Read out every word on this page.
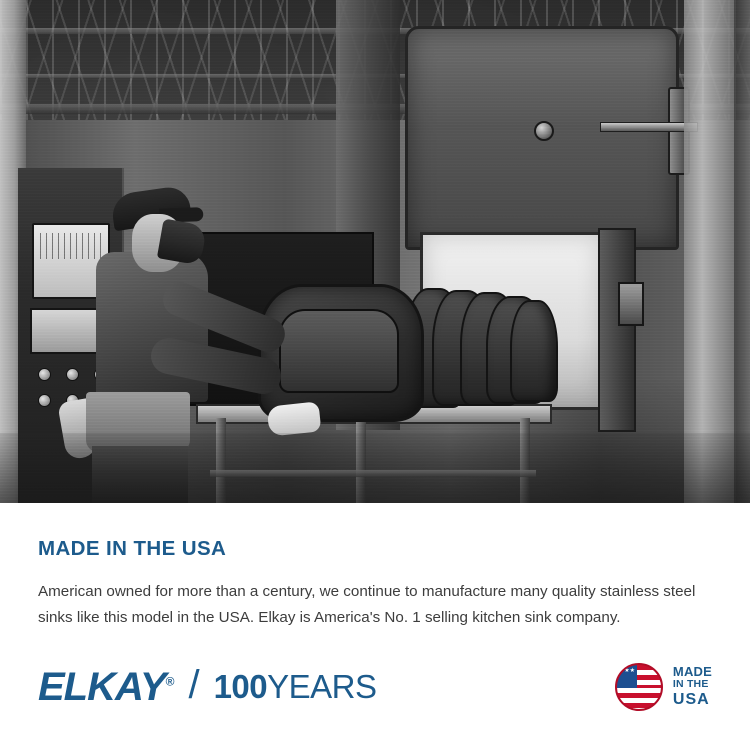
MADE IN THE USA

American owned for more than a century, we continue to manufacture many quality stainless steel sinks like this model in the USA. Elkay is America's No. 1 selling kitchen sink company.

ELKAY® / 100YEARS ★★★	MADE
IN THE
USA
